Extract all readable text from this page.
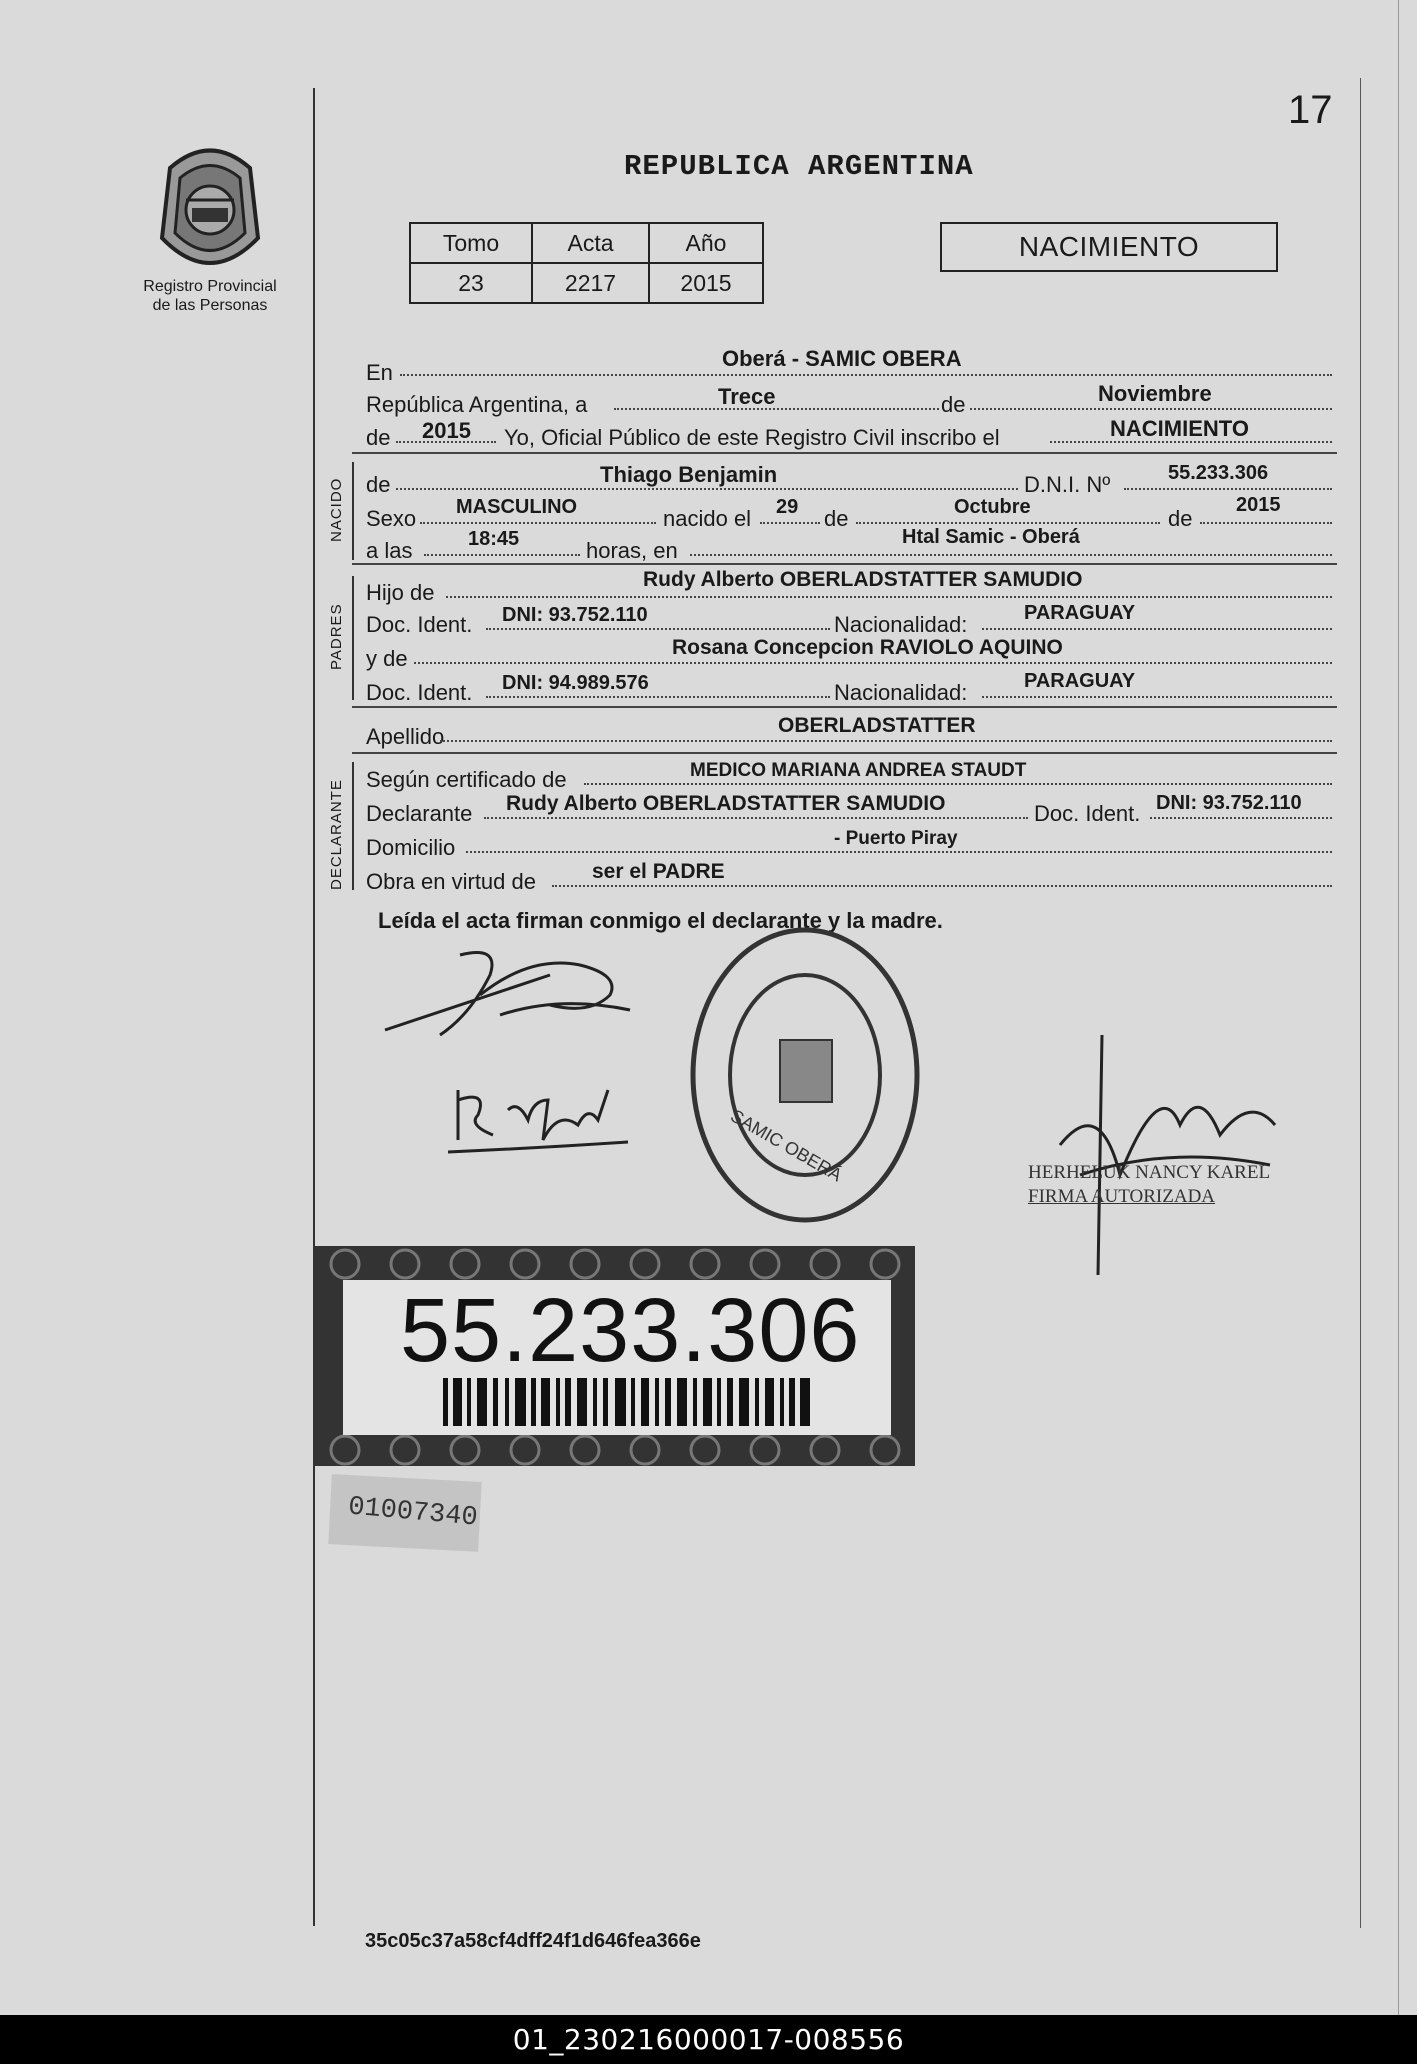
17
REPUBLICA ARGENTINA
Registro Provincial
de las Personas
Tomo	Acta	Año
23	2217	2015
NACIMIENTO
En
Oberá - SAMIC OBERA
República Argentina, a	Trece	de	Noviembre
de 2015 Yo, Oficial Público de este Registro Civil inscribo el	NACIMIENTO
NACIDO de	Thiago Benjamin	D.N.I. Nº	55.233.306
Sexo MASCULINO	nacido el 29 de	Octubre	de
2015
a las	18:45	horas, en
Htal Samic - Oberá
PADRES
Hijo de
Rudy Alberto OBERLADSTATTER SAMUDIO
Doc. Ident. DNI: 93.752.110	Nacionalidad:	PARAGUAY
y de	Rosana Concepcion RAVIOLO AQUINO
Doc. Ident. DNI: 94.989.576	Nacionalidad:	PARAGUAY
Apellido	OBERLADSTATTER
DECLARANTE Según certificado de	MEDICO MARIANA ANDREA STAUDT
Declarante Rudy Alberto OBERLADSTATTER SAMUDIO	Doc. Ident. DNI: 93.752.110
Domicilio	- Puerto Piray
Obra en virtud de	ser el PADRE
Leída el acta firman conmigo el declarante y la madre.
SAMIC OBERÁ	HERHELUK NANCY KAREL
FIRMA AUTORIZADA
55.233.306
01007340
35c05c37a58cf4dff24f1d646fea366e
01_230216000017-008556
